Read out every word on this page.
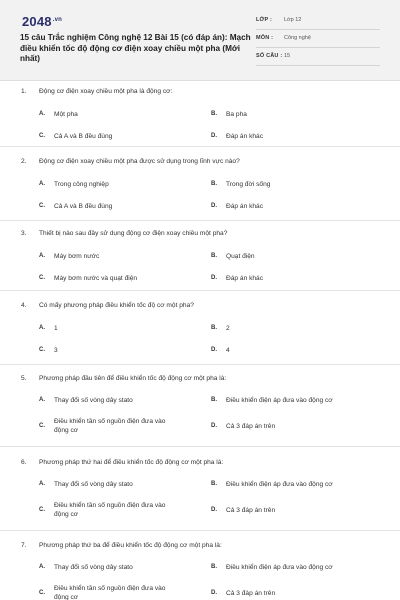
$2048^{.vn}$
15 câu Trắc nghiệm Công nghệ 12 Bài 15 (có đáp án): Mạch điều khiển tốc độ động cơ điện xoay chiều một pha (Mới nhất)
LỚP : Lớp 12
MÔN : Công nghệ
SỐ CÂU : 15
1. Động cơ điện xoay chiều một pha là động cơ:
A. Một pha	B. Ba pha
C. Cả A và B đều đúng	D. Đáp án khác
2. Động cơ điện xoay chiều một pha được sử dụng trong lĩnh vực nào?
A. Trong công nghiệp	B. Trong đời sống
C. Cả A và B đều đúng	D. Đáp án khác
3. Thiết bị nào sau đây sử dụng động cơ điện xoay chiều một pha?
A. Máy bơm nước	B. Quạt điện
C. Máy bơm nước và quạt điện	D. Đáp án khác
4. Có mấy phương pháp điều khiển tốc độ cơ một pha?
A. 1	B. 2
C. 3	D. 4
5. Phương pháp đầu tiên để điều khiển tốc độ động cơ một pha là:
A. Thay đổi số vòng dây stato	B. Điều khiển điện áp đưa vào động cơ
C.
Điều khiển tần số nguồn điện đưa vào động cơ
D. Cả 3 đáp án trên
6. Phương pháp thứ hai để điều khiển tốc độ động cơ một pha là:
A. Thay đổi số vòng dây stato	B. Điều khiển điện áp đưa vào động cơ
C.
Điều khiển tần số nguồn điện đưa vào động cơ
D. Cả 3 đáp án trên
7. Phương pháp thứ ba để điều khiển tốc độ động cơ một pha là:
A. Thay đổi số vòng dây stato	B. Điều khiển điện áp đưa vào động cơ
C.
Điều khiển tần số nguồn điện đưa vào động cơ
D. Cả 3 đáp án trên
